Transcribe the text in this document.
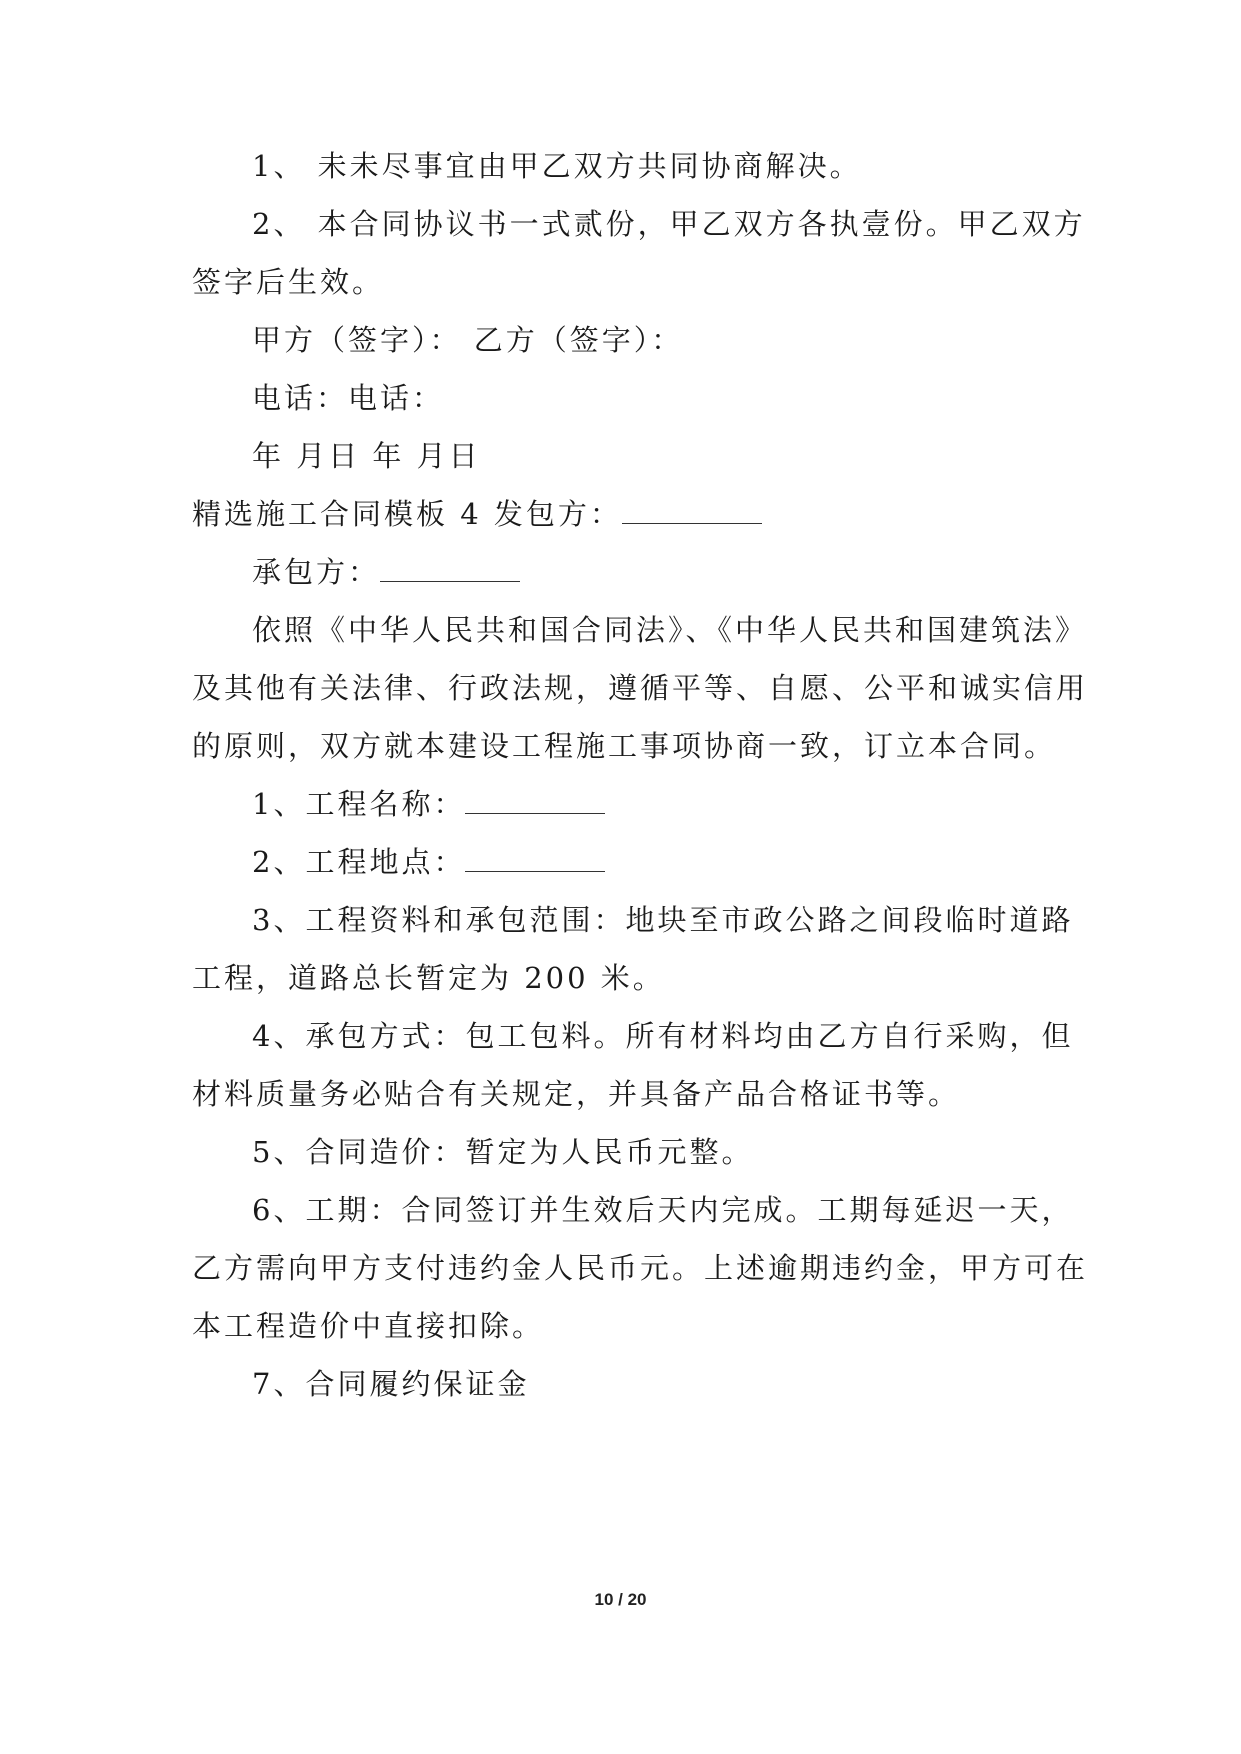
1、 未未尽事宜由甲乙双方共同协商解决。
2、 本合同协议书一式贰份，甲乙双方各执壹份。甲乙双方
签字后生效。
甲方（签字）： 乙方（签字）：
电话：电话：
年 月日 年 月日
精选施工合同模板 4 发包方：
承包方：
依照《中华人民共和国合同法》、《中华人民共和国建筑法》
及其他有关法律、行政法规，遵循平等、自愿、公平和诚实信用
的原则，双方就本建设工程施工事项协商一致，订立本合同。
1、工程名称：
2、工程地点：
3、工程资料和承包范围：地块至市政公路之间段临时道路
工程，道路总长暂定为 200 米。
4、承包方式：包工包料。所有材料均由乙方自行采购，但
材料质量务必贴合有关规定，并具备产品合格证书等。
5、合同造价：暂定为人民币元整。
6、工期：合同签订并生效后天内完成。工期每延迟一天，
乙方需向甲方支付违约金人民币元。上述逾期违约金，甲方可在
本工程造价中直接扣除。
7、合同履约保证金
10 / 20
